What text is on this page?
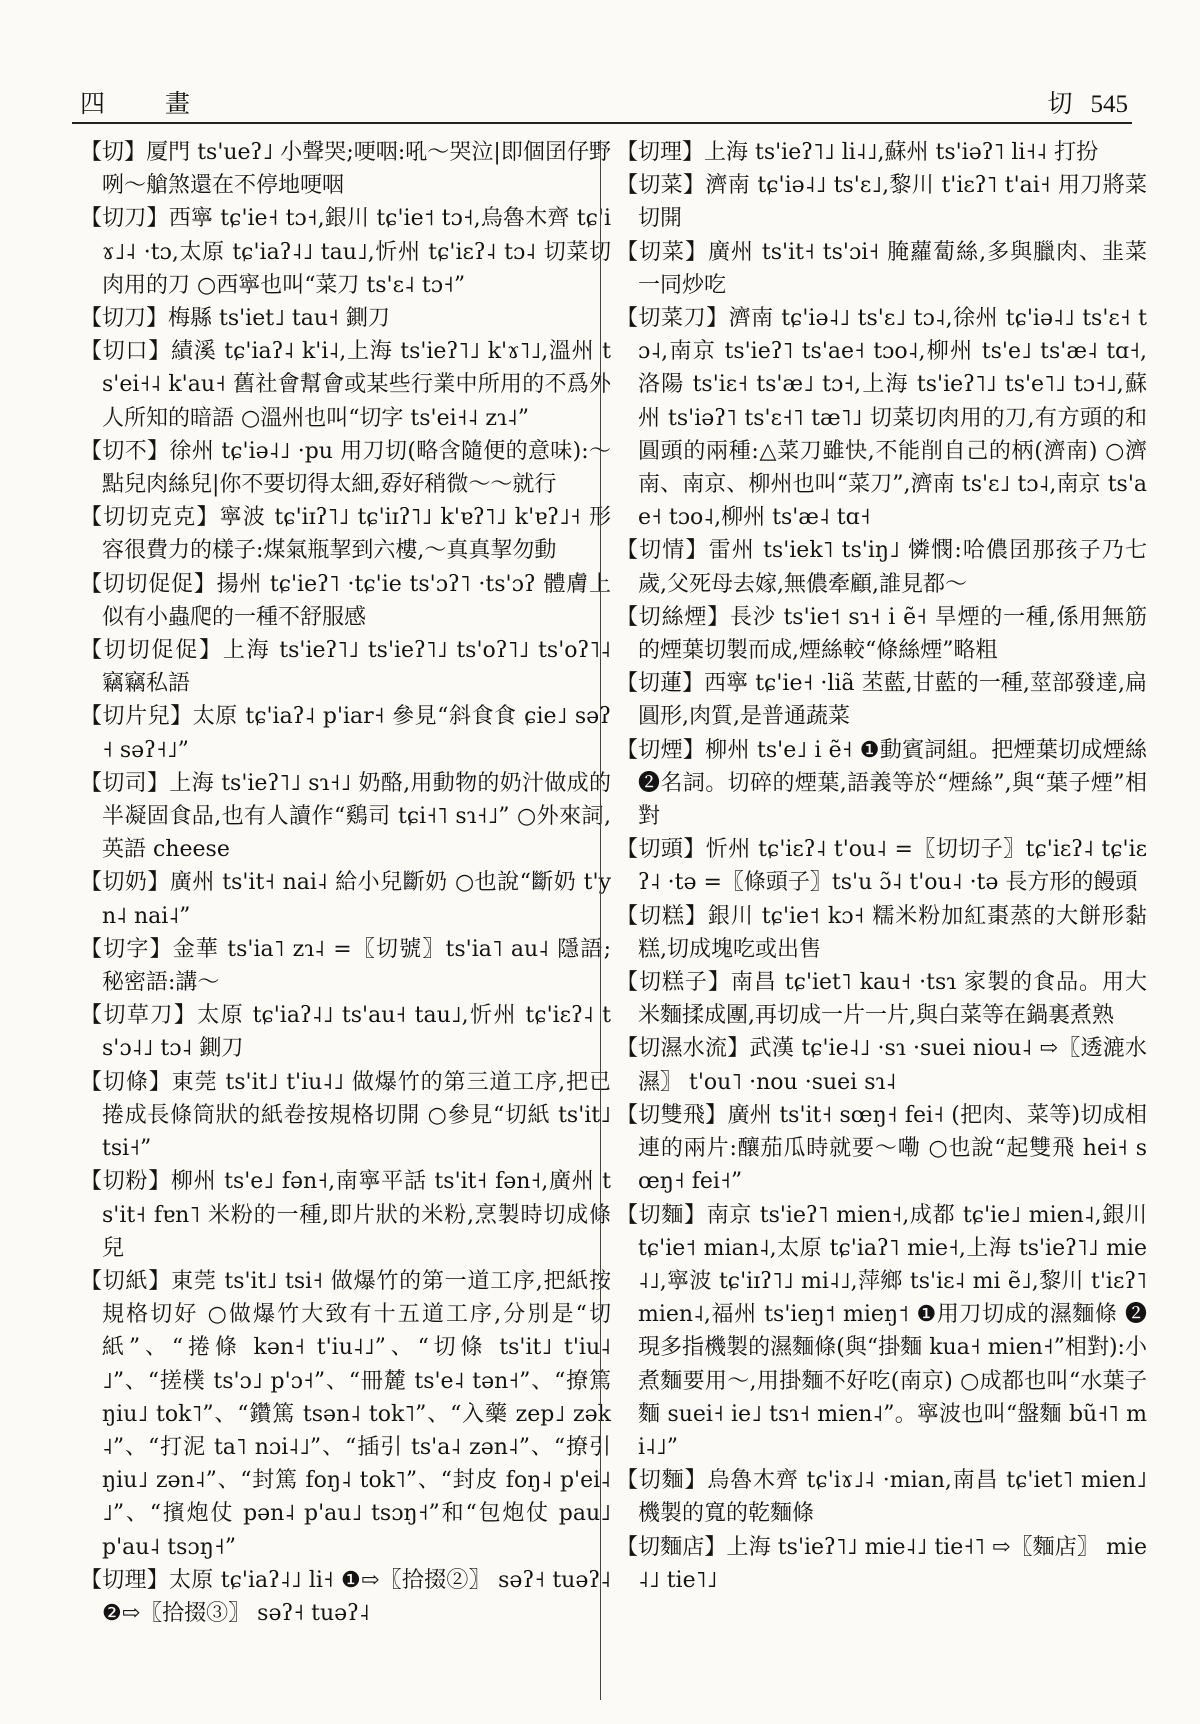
四 畫	切 545
【切】厦門 ts'ueʔ˩ 小聲哭;哽咽:吼～哭泣|即個囝仔野咧～艙煞還在不停地哽咽
【切刀】西寧 tɕ'ie˧ tɔ˧,銀川 tɕ'ie˦ tɔ˧,烏魯木齊 tɕ'iɤ˩˨ ·tɔ,太原 tɕ'iaʔ˨˩ tau˩,忻州 tɕ'iɛʔ˨ tɔ˨ 切菜切肉用的刀 ○西寧也叫“菜刀 ts'ɛ˨ tɔ˧”
【切刀】梅縣 ts'iet˩ tau˧ 鍘刀
【切口】績溪 tɕ'iaʔ˨ k'i˨,上海 ts'ieʔ˥˩ k'ɤ˥˩,溫州 ts'ei˧˨ k'au˧ 舊社會幫會或某些行業中所用的不爲外人所知的暗語 ○溫州也叫“切字 ts'ei˧˨ zɿ˨”
【切不】徐州 tɕ'iə˨˩ ·pu 用刀切(略含隨便的意味):～點兒肉絲兒|你不要切得太細,孬好稍微～～就行
【切切克克】寧波 tɕ'iɪʔ˥˩ tɕ'iɪʔ˥˩ k'ɐʔ˥˩ k'ɐʔ˩˧ 形容很費力的樣子:煤氣瓶挈到六樓,～真真挈勿動
【切切促促】揚州 tɕ'ieʔ˥ ·tɕ'ie ts'ɔʔ˥ ·ts'ɔʔ 體膚上似有小蟲爬的一種不舒服感
【切切促促】上海 ts'ieʔ˥˩ ts'ieʔ˥˩ ts'oʔ˥˩ ts'oʔ˥˨ 竊竊私語
【切片兒】太原 tɕ'iaʔ˨ p'iar˧ 參見“斜食食 ɕie˩ səʔ˧ səʔ˧˩”
【切司】上海 ts'ieʔ˥˩ sɿ˧˩ 奶酪,用動物的奶汁做成的半凝固食品,也有人讀作“鷄司 tɕi˧˥ sɿ˧˩” ○外來詞,英語 cheese
【切奶】廣州 ts'it˧ nai˨ 給小兒斷奶 ○也說“斷奶 t'yn˨ nai˨”
【切字】金華 ts'ia˥ zɿ˨ =〖切號〗ts'ia˥ au˨ 隱語;秘密語:講～
【切草刀】太原 tɕ'iaʔ˨˩ ts'au˧ tau˩,忻州 tɕ'iɛʔ˨ ts'ɔ˨˩ tɔ˨ 鍘刀
【切條】東莞 ts'it˩ t'iu˨˩ 做爆竹的第三道工序,把已捲成長條筒狀的紙卷按規格切開 ○參見“切紙 ts'it˩ tsi˧”
【切粉】柳州 ts'e˩ fən˧,南寧平話 ts'it˧ fən˧,廣州 ts'it˧ fɐn˥ 米粉的一種,即片狀的米粉,烹製時切成條兒
【切紙】東莞 ts'it˩ tsi˧ 做爆竹的第一道工序,把紙按規格切好 ○做爆竹大致有十五道工序,分別是“切紙”、“捲條 kən˧ t'iu˨˩”、“切條 ts'it˩ t'iu˨˩”、“搓樸 ts'ɔ˩ p'ɔ˧”、“冊麓 ts'e˨ tən˧”、“撩篤 ŋiu˩ tok˥”、“鑽篤 tsən˨ tok˥”、“入藥 zep˩ zək˨”、“打泥 ta˥ nɔi˨˩”、“插引 ts'a˨ zən˨”、“撩引 ŋiu˩ zən˨”、“封篤 foŋ˨ tok˥”、“封皮 foŋ˨ p'ei˨˩”、“擯炮仗 pən˨ p'au˩ tsɔŋ˧”和“包炮仗 pau˩ p'au˨ tsɔŋ˧”
【切理】太原 tɕ'iaʔ˨˩ li˧ ❶⇨〖拾掇②〗 səʔ˧ tuəʔ˨ ❷⇨〖拾掇③〗 səʔ˧ tuəʔ˨
【切理】上海 ts'ieʔ˥˩ li˨˩,蘇州 ts'iəʔ˥ li˧˨ 打扮
【切菜】濟南 tɕ'iə˨˩ ts'ɛ˩,黎川 t'iɛʔ˥ t'ai˧ 用刀將菜切開
【切菜】廣州 ts'it˧ ts'ɔi˧ 腌蘿蔔絲,多與臘肉、韭菜一同炒吃
【切菜刀】濟南 tɕ'iə˨˩ ts'ɛ˩ tɔ˨,徐州 tɕ'iə˨˩ ts'ɛ˧ tɔ˨,南京 ts'ieʔ˥ ts'ae˧ tɔo˨,柳州 ts'e˩ ts'æ˨ tɑ˧,洛陽 ts'iɛ˧ ts'æ˩ tɔ˧,上海 ts'ieʔ˥˩ ts'e˥˩ tɔ˧˩,蘇州 ts'iəʔ˥ ts'ɛ˧˥ tæ˥˩ 切菜切肉用的刀,有方頭的和圓頭的兩種:△菜刀雖快,不能削自己的柄(濟南) ○濟南、南京、柳州也叫“菜刀”,濟南 ts'ɛ˩ tɔ˨,南京 ts'ae˧ tɔo˨,柳州 ts'æ˨ tɑ˧
【切情】雷州 ts'iek˥ ts'iŋ˩ 憐憫:哈儂囝那孩子乃七歲,父死母去嫁,無儂牽顧,誰見都～
【切絲煙】長沙 ts'ie˦ sɿ˧ i ẽ˧ 旱煙的一種,係用無筋的煙葉切製而成,煙絲較“條絲煙”略粗
【切蓮】西寧 tɕ'ie˧ ·liã 苤藍,甘藍的一種,莖部發達,扁圓形,肉質,是普通蔬菜
【切煙】柳州 ts'e˩ i ẽ˧ ❶動賓詞組。把煙葉切成煙絲 ❷名詞。切碎的煙葉,語義等於“煙絲”,與“葉子煙”相對
【切頭】忻州 tɕ'iɛʔ˨ t'ou˨ =〖切切子〗tɕ'iɛʔ˨ tɕ'iɛʔ˨ ·tə =〖條頭子〗ts'u ɔ̃˨ t'ou˨ ·tə 長方形的饅頭
【切糕】銀川 tɕ'ie˦ kɔ˧ 糯米粉加紅棗蒸的大餅形黏糕,切成塊吃或出售
【切糕子】南昌 tɕ'iet˥ kau˧ ·tsɿ 家製的食品。用大米麵揉成團,再切成一片一片,與白菜等在鍋裏煮熟
【切濕水流】武漢 tɕ'ie˨˩ ·sɿ ·suei niou˨ ⇨〖透漉水濕〗 t'ou˥ ·nou ·suei sɿ˨
【切雙飛】廣州 ts'it˧ sœŋ˧ fei˧ (把肉、菜等)切成相連的兩片:釀茄瓜時就要～嘞 ○也說“起雙飛 hei˧ sœŋ˧ fei˧”
【切麵】南京 ts'ieʔ˥ mien˧,成都 tɕ'ie˩ mien˨,銀川 tɕ'ie˦ mian˨,太原 tɕ'iaʔ˥ mie˧,上海 ts'ieʔ˥˩ mie˨˩,寧波 tɕ'iɪʔ˥˩ mi˨˩,萍鄉 ts'iɛ˨ mi ẽ˩,黎川 t'iɛʔ˥ mien˨,福州 ts'ieŋ˦ mieŋ˦ ❶用刀切成的濕麵條 ❷現多指機製的濕麵條(與“掛麵 kua˧ mien˧”相對):小煮麵要用～,用掛麵不好吃(南京) ○成都也叫“水葉子麵 suei˧ ie˩ tsɿ˧ mien˨”。寧波也叫“盤麵 bũ˧˥ mi˨˩”
【切麵】烏魯木齊 tɕ'iɤ˩˨ ·mian,南昌 tɕ'iet˥ mien˩ 機製的寬的乾麵條
【切麵店】上海 ts'ieʔ˥˩ mie˨˩ tie˧˥ ⇨〖麵店〗 mie˨˩ tie˥˩
